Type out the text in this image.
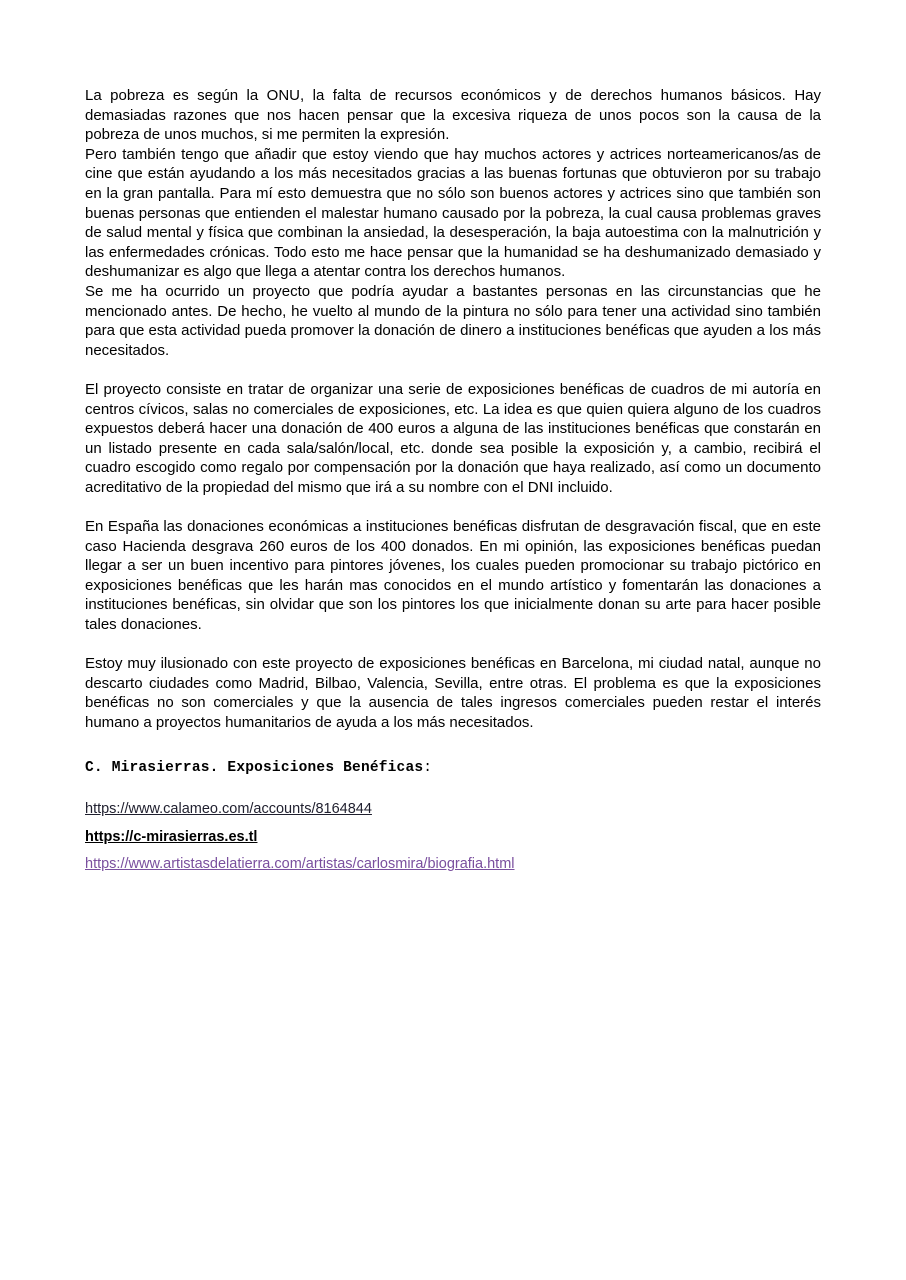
La pobreza es según la ONU, la falta de recursos económicos y de derechos humanos básicos. Hay demasiadas razones que nos hacen pensar que la excesiva riqueza de unos pocos son la causa de la pobreza de unos muchos, si me permiten la expresión.

Pero también tengo que añadir que estoy viendo que hay muchos actores y actrices norteamericanos/as de cine que están ayudando a los más necesitados gracias a las buenas fortunas que obtuvieron por su trabajo en la gran pantalla. Para mí esto demuestra que no sólo son buenos actores y actrices sino que también son buenas personas que entienden el malestar humano causado por la pobreza, la cual causa problemas graves de salud mental y física que combinan la ansiedad, la desesperación, la baja autoestima con la malnutrición y las enfermedades crónicas. Todo esto me hace pensar que la humanidad se ha deshumanizado demasiado y deshumanizar es algo que llega a atentar contra los derechos humanos.

Se me ha ocurrido un proyecto que podría ayudar a bastantes personas en las circunstancias que he mencionado antes. De hecho, he vuelto al mundo de la pintura no sólo para tener una actividad sino también para que esta actividad pueda promover la donación de dinero a instituciones benéficas que ayuden a los más necesitados.

El proyecto consiste en tratar de organizar una serie de exposiciones benéficas de cuadros de mi autoría en centros cívicos, salas no comerciales de exposiciones, etc. La idea es que quien quiera alguno de los cuadros expuestos deberá hacer una donación de 400 euros a alguna de las instituciones benéficas que constarán en un listado presente en cada sala/salón/local, etc. donde sea posible la exposición y, a cambio, recibirá el cuadro escogido como regalo por compensación por la donación que haya realizado, así como un documento acreditativo de la propiedad del mismo que irá a su nombre con el DNI incluido.

En España las donaciones económicas a instituciones benéficas disfrutan de desgravación fiscal, que en este caso Hacienda desgrava 260 euros de los 400 donados. En mi opinión, las exposiciones benéficas puedan llegar a ser un buen incentivo para pintores jóvenes, los cuales pueden promocionar su trabajo pictórico en exposiciones benéficas que les harán mas conocidos en el mundo artístico y fomentarán las donaciones a instituciones benéficas, sin olvidar que son los pintores los que inicialmente donan su arte para hacer posible tales donaciones.

Estoy muy ilusionado con este proyecto de exposiciones benéficas en Barcelona, mi ciudad natal, aunque no descarto ciudades como Madrid, Bilbao, Valencia, Sevilla, entre otras. El problema es que la exposiciones benéficas no son comerciales y que la ausencia de tales ingresos comerciales pueden restar el interés humano a proyectos humanitarios de ayuda a los más necesitados.

C. Mirasierras. Exposiciones Benéficas:
https://www.calameo.com/accounts/8164844
https://c-mirasierras.es.tl
https://www.artistasdelatierra.com/artistas/carlosmira/biografia.html
